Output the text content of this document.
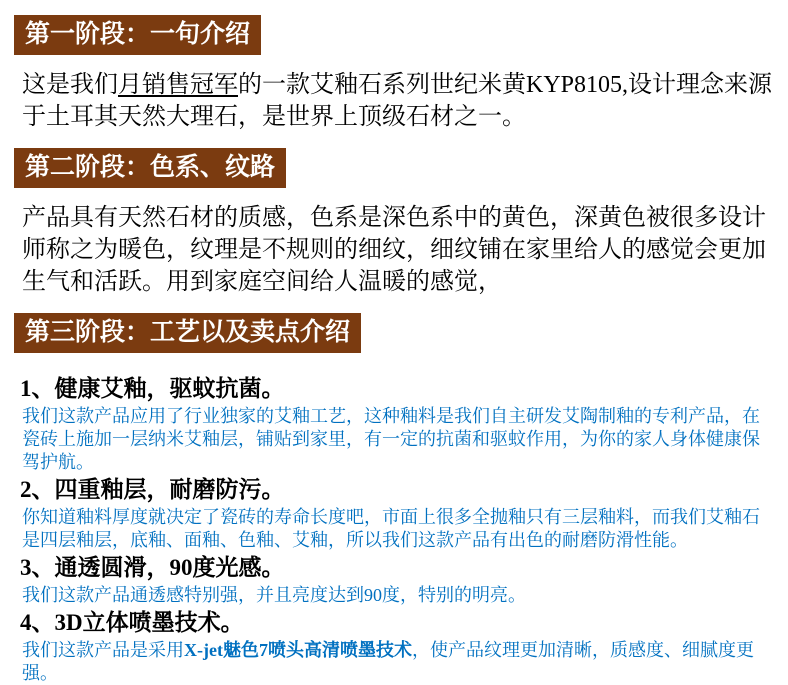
第一阶段：一句介绍

这是我们月销售冠军的一款艾釉石系列世纪米黄KYP8105,设计理念来源于土耳其天然大理石，是世界上顶级石材之一。

第二阶段：色系、纹路

产品具有天然石材的质感，色系是深色系中的黄色，深黄色被很多设计师称之为暖色，纹理是不规则的细纹，细纹铺在家里给人的感觉会更加生气和活跃。用到家庭空间给人温暖的感觉，

第三阶段：工艺以及卖点介绍
1、健康艾釉，驱蚊抗菌。

我们这款产品应用了行业独家的艾釉工艺，这种釉料是我们自主研发艾陶制釉的专利产品，在瓷砖上施加一层纳米艾釉层，铺贴到家里，有一定的抗菌和驱蚊作用，为你的家人身体健康保驾护航。

2、四重釉层，耐磨防污。

你知道釉料厚度就决定了瓷砖的寿命长度吧，市面上很多全抛釉只有三层釉料，而我们艾釉石是四层釉层，底釉、面釉、色釉、艾釉，所以我们这款产品有出色的耐磨防滑性能。

3、通透圆滑，90度光感。

我们这款产品通透感特别强，并且亮度达到90度，特别的明亮。

4、3D立体喷墨技术。

我们这款产品是采用X-jet魅色7喷头高清喷墨技术，使产品纹理更加清晰，质感度、细腻度更强。
